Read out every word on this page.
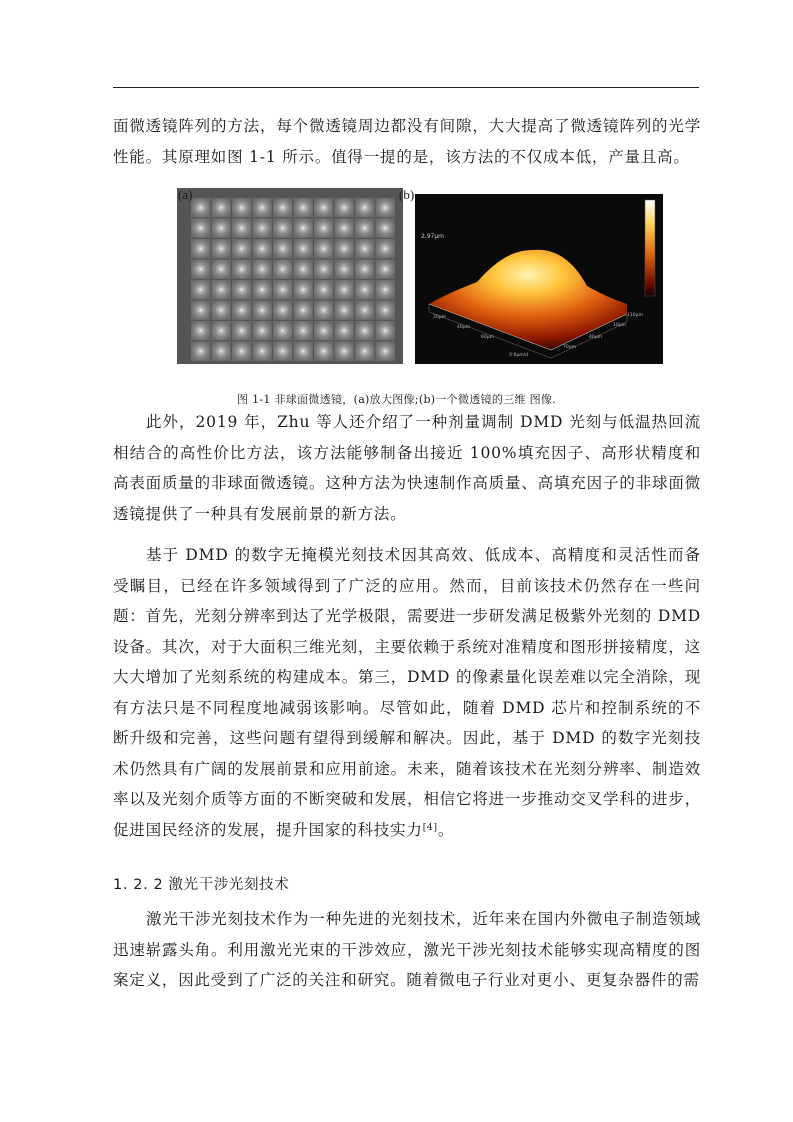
面微透镜阵列的方法，每个微透镜周边都没有间隙，大大提高了微透镜阵列的光学性能。其原理如图 1-1 所示。值得一提的是，该方法的不仅成本低，产量且高。

(a)
2.97μm
20μm
40μm
60μm
X:6μm/d
70μm
40μm
10μm
110μm
(b)

图 1-1 非球面微透镜，(a)放大图像;(b)一个微透镜的三维 图像.

此外，2019 年，Zhu 等人还介绍了一种剂量调制 DMD 光刻与低温热回流相结合的高性价比方法，该方法能够制备出接近 100%填充因子、高形状精度和高表面质量的非球面微透镜。这种方法为快速制作高质量、高填充因子的非球面微透镜提供了一种具有发展前景的新方法。

基于 DMD 的数字无掩模光刻技术因其高效、低成本、高精度和灵活性而备受瞩目，已经在许多领域得到了广泛的应用。然而，目前该技术仍然存在一些问题：首先，光刻分辨率到达了光学极限，需要进一步研发满足极紫外光刻的 DMD 设备。其次，对于大面积三维光刻，主要依赖于系统对准精度和图形拼接精度，这大大增加了光刻系统的构建成本。第三，DMD 的像素量化误差难以完全消除，现有方法只是不同程度地减弱该影响。尽管如此，随着 DMD 芯片和控制系统的不断升级和完善，这些问题有望得到缓解和解决。因此，基于 DMD 的数字光刻技术仍然具有广阔的发展前景和应用前途。未来，随着该技术在光刻分辨率、制造效率以及光刻介质等方面的不断突破和发展，相信它将进一步推动交叉学科的进步，促进国民经济的发展，提升国家的科技实力[4]。

1. 2. 2 激光干涉光刻技术

激光干涉光刻技术作为一种先进的光刻技术，近年来在国内外微电子制造领域迅速崭露头角。利用激光光束的干涉效应，激光干涉光刻技术能够实现高精度的图案定义，因此受到了广泛的关注和研究。随着微电子行业对更小、更复杂器件的需
